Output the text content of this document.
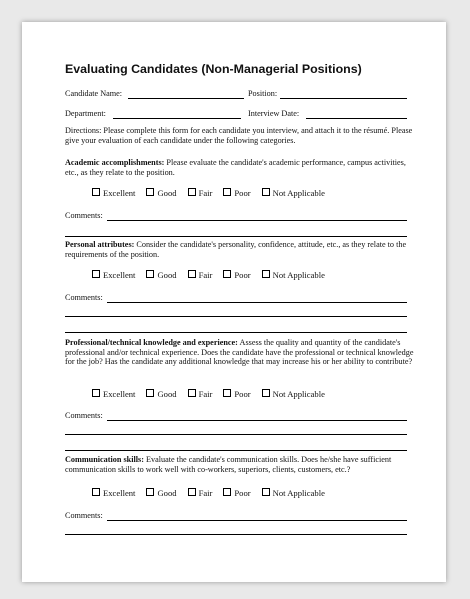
Evaluating Candidates (Non-Managerial Positions)
Candidate Name:	Position:
Department:	Interview Date:
Directions: Please complete this form for each candidate you interview, and attach it to the résumé. Please give your evaluation of each candidate under the following categories.
Academic accomplishments: Please evaluate the candidate's academic performance, campus activities, etc., as they relate to the position.
Excellent	Good	Fair	Poor	Not Applicable
Comments:
Personal attributes: Consider the candidate's personality, confidence, attitude, etc., as they relate to the requirements of the position.
Excellent	Good	Fair	Poor	Not Applicable
Comments:
Professional/technical knowledge and experience: Assess the quality and quantity of the candidate's professional and/or technical experience. Does the candidate have the professional or technical knowledge for the job? Has the candidate any additional knowledge that may increase his or her ability to contribute?
Excellent	Good	Fair	Poor	Not Applicable
Comments:
Communication skills: Evaluate the candidate's communication skills. Does he/she have sufficient communication skills to work well with co-workers, superiors, clients, customers, etc.?
Excellent	Good	Fair	Poor	Not Applicable
Comments:
